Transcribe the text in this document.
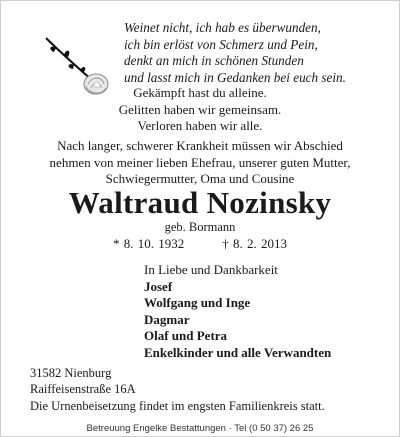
Weinet nicht, ich hab es überwunden,
ich bin erlöst von Schmerz und Pein,
denkt an mich in schönen Stunden
und lasst mich in Gedanken bei euch sein.
Gekämpft hast du alleine.
Gelitten haben wir gemeinsam.
Verloren haben wir alle.
Nach langer, schwerer Krankheit müssen wir Abschied
nehmen von meiner lieben Ehefrau, unserer guten Mutter,
Schwiegermutter, Oma und Cousine
Waltraud Nozinsky
geb. Bormann
* 8. 10. 1932	† 8. 2. 2013
In Liebe und Dankbarkeit
Josef
Wolfgang und Inge
Dagmar
Olaf und Petra
Enkelkinder und alle Verwandten
31582 Nienburg
Raiffeisenstraße 16A
Die Urnenbeisetzung findet im engsten Familienkreis statt.
Betreuung Engelke Bestattungen · Tel (0 50 37) 26 25
